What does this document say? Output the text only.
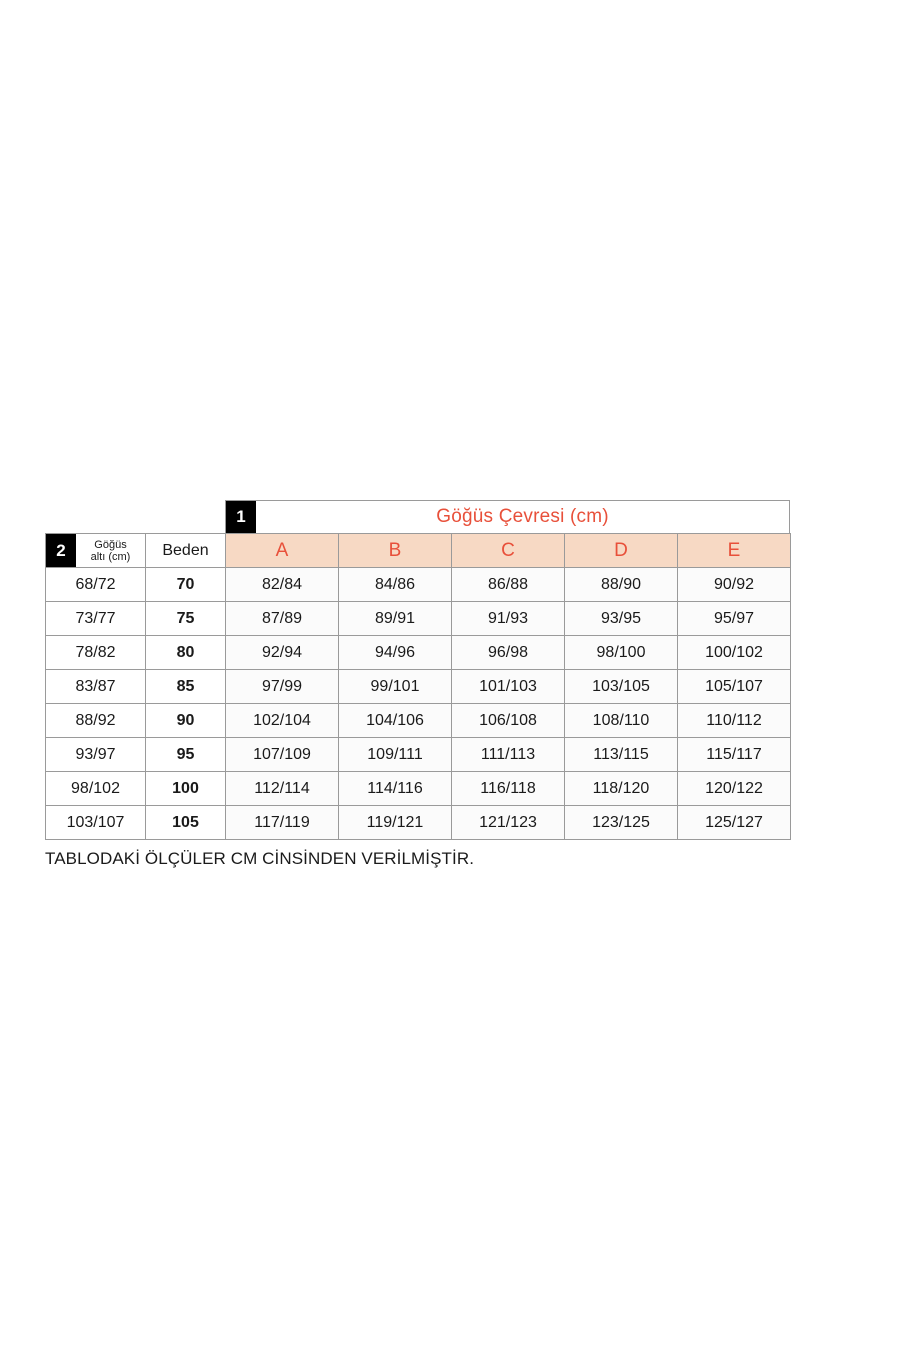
1	Göğüs Çevresi (cm)
2 Göğüs
altı (cm)	Beden	A	B	C	D	E
68/72	70	82/84	84/86	86/88	88/90	90/92
73/77	75	87/89	89/91	91/93	93/95	95/97
78/82	80	92/94	94/96	96/98	98/100	100/102
83/87	85	97/99	99/101	101/103	103/105	105/107
88/92	90	102/104	104/106	106/108	108/110	110/112
93/97	95	107/109	109/111	111/113	113/115	115/117
98/102	100	112/114	114/116	116/118	118/120	120/122
103/107	105	117/119	119/121	121/123	123/125	125/127
TABLODAKİ ÖLÇÜLER CM CİNSİNDEN VERİLMİŞTİR.
